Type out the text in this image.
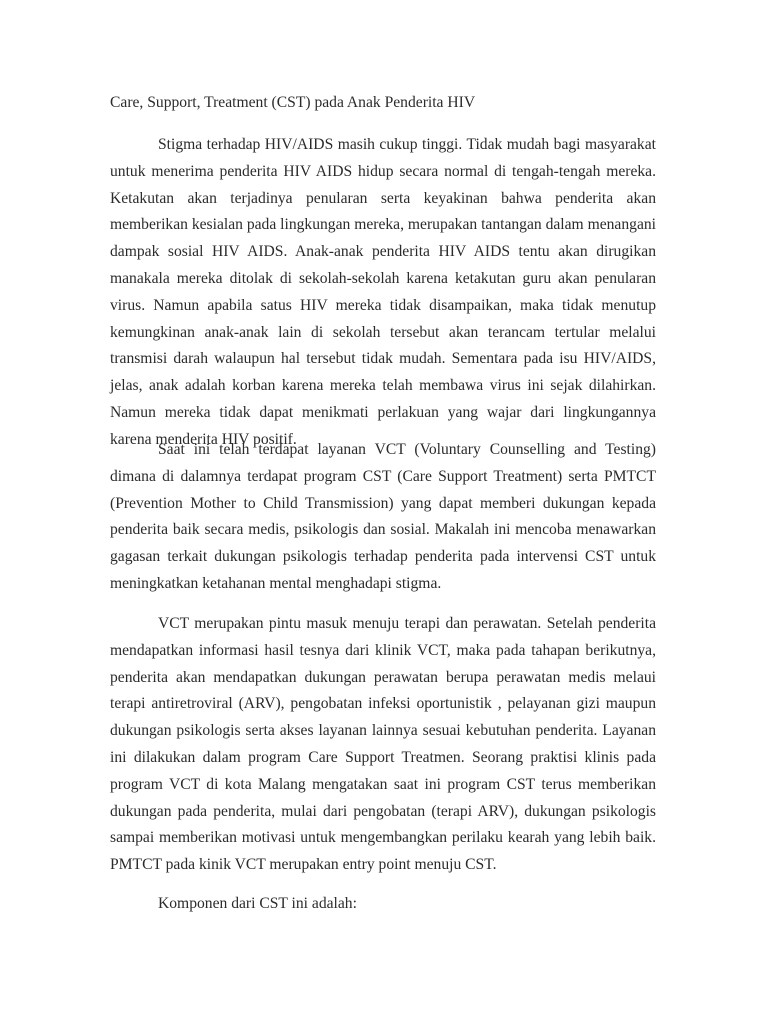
Care, Support, Treatment (CST) pada Anak Penderita HIV

Stigma terhadap HIV/AIDS masih cukup tinggi. Tidak mudah bagi masyarakat untuk menerima penderita HIV AIDS hidup secara normal di tengah-tengah mereka. Ketakutan akan terjadinya penularan serta keyakinan bahwa penderita akan memberikan kesialan pada lingkungan mereka, merupakan tantangan dalam menangani dampak sosial HIV AIDS. Anak-anak penderita HIV AIDS tentu akan dirugikan manakala mereka ditolak di sekolah-sekolah karena ketakutan guru akan penularan virus. Namun apabila satus HIV mereka tidak disampaikan, maka tidak menutup kemungkinan anak-anak lain di sekolah tersebut akan terancam tertular melalui transmisi darah walaupun hal tersebut tidak mudah. Sementara pada isu HIV/AIDS, jelas, anak adalah korban karena mereka telah membawa virus ini sejak dilahirkan. Namun mereka tidak dapat menikmati perlakuan yang wajar dari lingkungannya karena menderita HIV positif.

Saat ini telah terdapat layanan VCT (Voluntary Counselling and Testing) dimana di dalamnya terdapat program CST (Care Support Treatment) serta PMTCT (Prevention Mother to Child Transmission) yang dapat memberi dukungan kepada penderita baik secara medis, psikologis dan sosial. Makalah ini mencoba menawarkan gagasan terkait dukungan psikologis terhadap penderita pada intervensi CST untuk meningkatkan ketahanan mental menghadapi stigma.

VCT merupakan pintu masuk menuju terapi dan perawatan. Setelah penderita mendapatkan informasi hasil tesnya dari klinik VCT, maka pada tahapan berikutnya, penderita akan mendapatkan dukungan perawatan berupa perawatan medis melaui terapi antiretroviral (ARV), pengobatan infeksi oportunistik , pelayanan gizi maupun dukungan psikologis serta akses layanan lainnya sesuai kebutuhan penderita. Layanan ini dilakukan dalam program Care Support Treatmen. Seorang praktisi klinis pada program VCT di kota Malang mengatakan saat ini program CST terus memberikan dukungan pada penderita, mulai dari pengobatan (terapi ARV), dukungan psikologis sampai memberikan motivasi untuk mengembangkan perilaku kearah yang lebih baik. PMTCT pada kinik VCT merupakan entry point menuju CST.

Komponen dari CST ini adalah:
